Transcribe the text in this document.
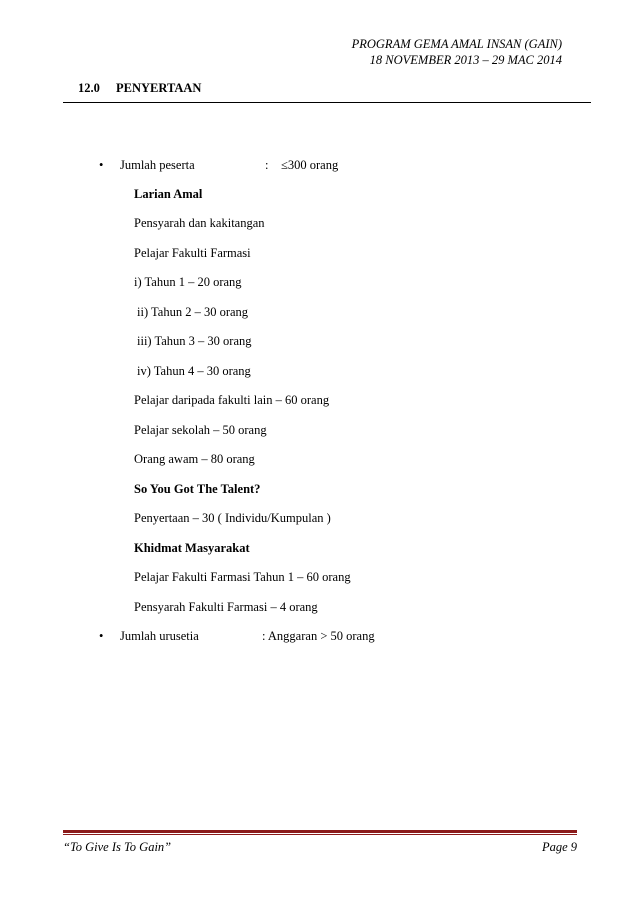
PROGRAM GEMA AMAL INSAN (GAIN)
18 NOVEMBER 2013 – 29 MAC 2014
12.0 PENYERTAAN
• Jumlah peserta	: ≤300 orang
Larian Amal
Pensyarah dan kakitangan
Pelajar Fakulti Farmasi
i) Tahun 1 – 20 orang
ii) Tahun 2 – 30 orang
iii) Tahun 3 – 30 orang
iv) Tahun 4 – 30 orang
Pelajar daripada fakulti lain – 60 orang
Pelajar sekolah – 50 orang
Orang awam – 80 orang
So You Got The Talent?
Penyertaan – 30 ( Individu/Kumpulan )
Khidmat Masyarakat
Pelajar Fakulti Farmasi Tahun 1 – 60 orang
Pensyarah Fakulti Farmasi – 4 orang
• Jumlah urusetia	: Anggaran > 50 orang
“To Give Is To Gain”	Page 9
